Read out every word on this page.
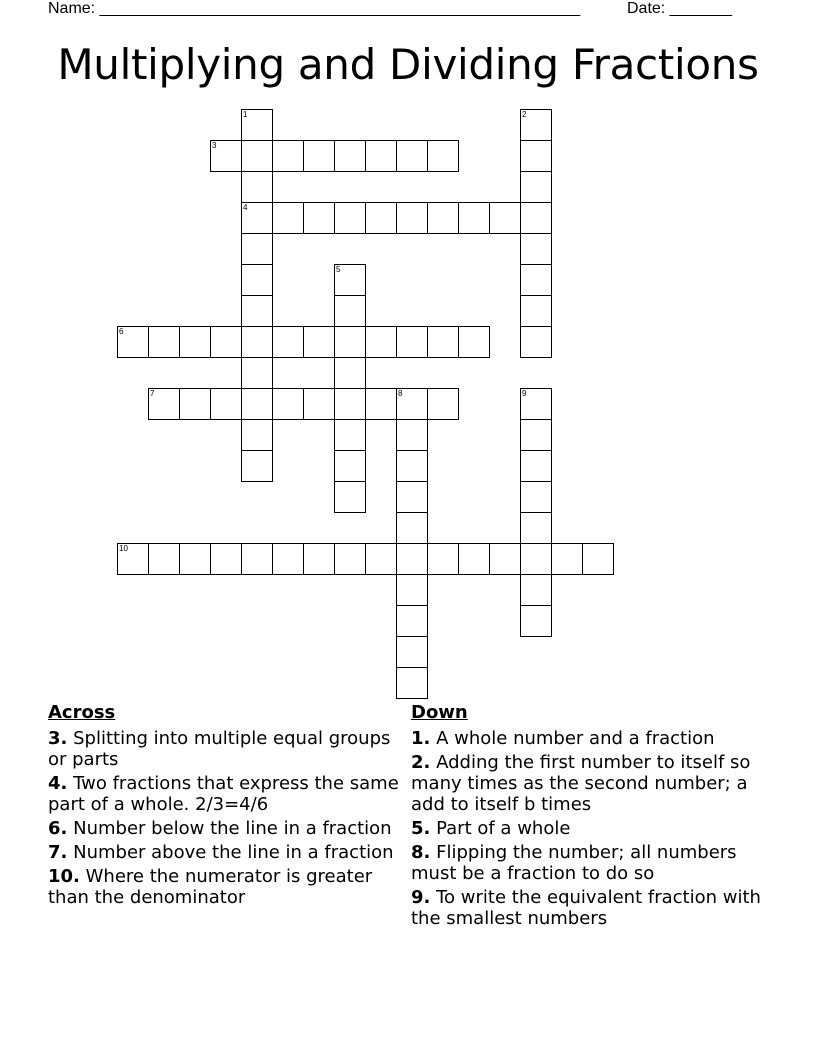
Name: ______________________________________________________	Date: _______
Multiplying and Dividing Fractions
1
4
2
3
5
6
7	8	9
10
Across
3. Splitting into multiple equal groups or parts
4. Two fractions that express the same part of a whole. 2/3=4/6
6. Number below the line in a fraction
7. Number above the line in a fraction
10. Where the numerator is greater than the denominator
Down
1. A whole number and a fraction
2. Adding the first number to itself so many times as the second number; a add to itself b times
5. Part of a whole
8. Flipping the number; all numbers must be a fraction to do so
9. To write the equivalent fraction with the smallest numbers
